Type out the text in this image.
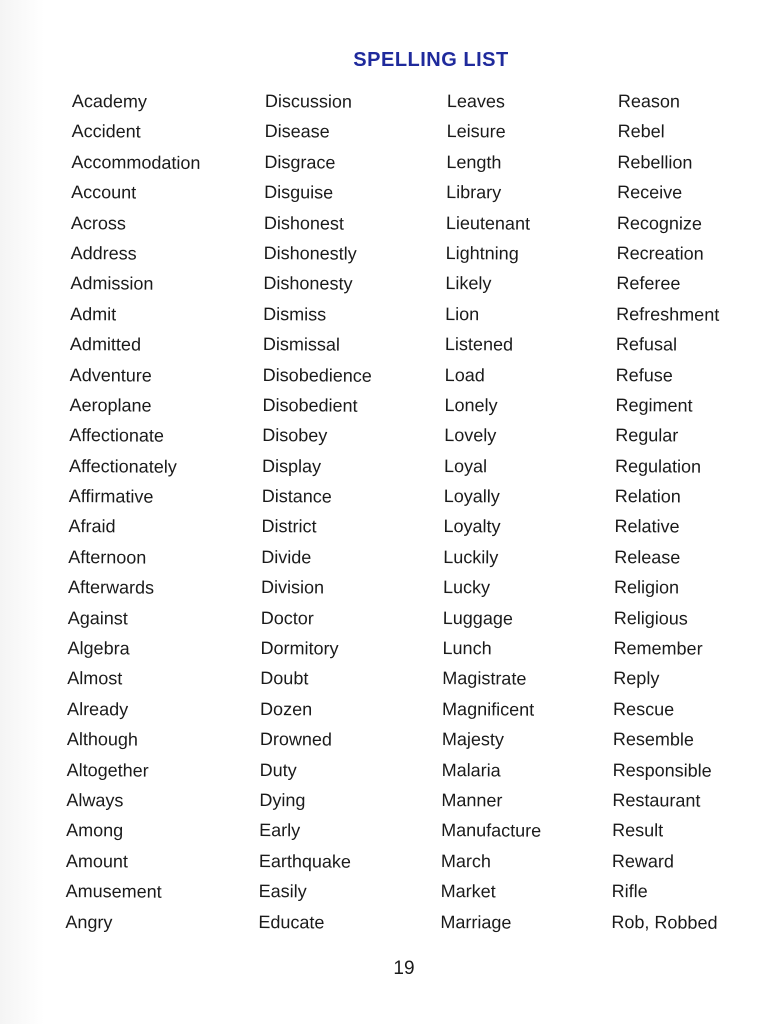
SPELLING LIST
Academy
Accident
Accommodation
Account
Across
Address
Admission
Admit
Admitted
Adventure
Aeroplane
Affectionate
Affectionately
Affirmative
Afraid
Afternoon
Afterwards
Against
Algebra
Almost
Already
Although
Altogether
Always
Among
Amount
Amusement
Angry
Discussion
Disease
Disgrace
Disguise
Dishonest
Dishonestly
Dishonesty
Dismiss
Dismissal
Disobedience
Disobedient
Disobey
Display
Distance
District
Divide
Division
Doctor
Dormitory
Doubt
Dozen
Drowned
Duty
Dying
Early
Earthquake
Easily
Educate
Leaves
Leisure
Length
Library
Lieutenant
Lightning
Likely
Lion
Listened
Load
Lonely
Lovely
Loyal
Loyally
Loyalty
Luckily
Lucky
Luggage
Lunch
Magistrate
Magnificent
Majesty
Malaria
Manner
Manufacture
March
Market
Marriage
Reason
Rebel
Rebellion
Receive
Recognize
Recreation
Referee
Refreshment
Refusal
Refuse
Regiment
Regular
Regulation
Relation
Relative
Release
Religion
Religious
Remember
Reply
Rescue
Resemble
Responsible
Restaurant
Result
Reward
Rifle
Rob, Robbed
19
